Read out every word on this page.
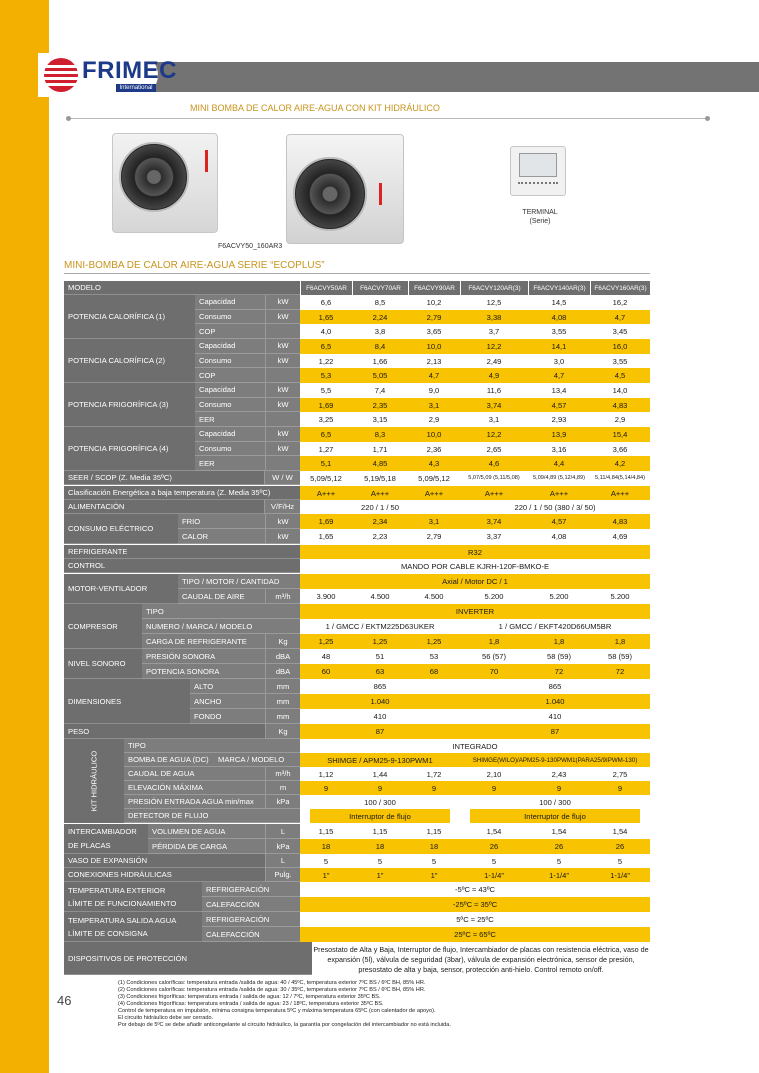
FRIMEC
International
MINI BOMBA DE CALOR AIRE-AGUA CON KIT HIDRÁULICO
TERMINAL
(Serie)
F6ACVY50_160AR3
MINI-BOMBA DE CALOR AIRE-AGUA SERIE “ECOPLUS”
MODELO	F6ACVY50AR	F6ACVY70AR	F6ACVY90AR	F6ACVY120AR(3)	F6ACVY140AR(3)	F6ACVY160AR(3)
POTENCIA CALORÍFICA (1)
Capacidad	kW	6,6	8,5	10,2	12,5	14,5	16,2
Consumo	kW	1,65	2,24	2,79	3,38	4,08	4,7
COP	4,0	3,8	3,65	3,7	3,55	3,45
POTENCIA CALORÍFICA (2)
Capacidad	kW	6,5	8,4	10,0	12,2	14,1	16,0
Consumo	kW	1,22	1,66	2,13	2,49	3,0	3,55
COP	5,3	5,05	4,7	4,9	4,7	4,5
POTENCIA FRIGORÍFICA (3)
Capacidad	kW	5,5	7,4	9,0	11,6	13,4	14,0
Consumo	kW	1,69	2,35	3,1	3,74	4,57	4,83
EER	3,25	3,15	2,9	3,1	2,93	2,9
POTENCIA FRIGORÍFICA (4)
Capacidad	kW	6,5	8,3	10,0	12,2	13,9	15,4
Consumo	kW	1,27	1,71	2,36	2,65	3,16	3,66
EER	5,1	4,85	4,3	4,6	4,4	4,2
SEER / SCOP (Z. Media 35ºC)	W / W	5,09/5,12	5,19/5,18	5,09/5,12	5,07/5,09 (5,11/5,08)	5,09/4,89 (5,12/4,89)	5,11/4,84(5,14/4,84)
Clasificación Energética a baja temperatura (Z. Media 35ºC)	A+++	A+++	A+++	A+++	A+++	A+++
ALIMENTACIÓN	V/F/Hz	220 / 1 / 50	220 / 1 / 50 (380 / 3/ 50)
CONSUMO ELÉCTRICO
FRIO	kW	1,69	2,34	3,1	3,74	4,57	4,83
CALOR	kW	1,65	2,23	2,79	3,37	4,08	4,69
REFRIGERANTE	R32
CONTROL	MANDO POR CABLE KJRH-120F-BMKO-E
MOTOR-VENTILADOR
TIPO / MOTOR / CANTIDAD	Axial / Motor DC / 1
CAUDAL DE AIRE	m³/h	3.900	4.500	4.500	5.200	5.200	5.200
COMPRESOR
TIPO	INVERTER
NUMERO / MARCA / MODELO	1 / GMCC / EKTM225D63UKER	1 / GMCC / EKFT420D66UM5BR
CARGA DE REFRIGERANTE	Kg	1,25	1,25	1,25	1,8	1,8	1,8
NIVEL SONORO
PRESIÓN SONORA	dBA	48	51	53	56 (57)	58 (59)	58 (59)
POTENCIA SONORA	dBA	60	63	68	70	72	72
DIMENSIONES
ALTO	mm	865	865
ANCHO	mm	1.040	1.040
FONDO	mm	410	410
PESO	Kg	87	87
TIPO	INTEGRADO
BOMBA DE AGUA (DC)	MARCA / MODELO	SHIMGE / APM25-9-130PWM1	SHIMGE(WILO)/APM25-9-130PWM1(PARA25/9IPWM-130)
CAUDAL DE AGUA	m³/h	1,12	1,44	1,72	2,10	2,43	2,75
ELEVACIÓN MÁXIMA	m	9	9	9	9	9	9
PRESIÓN ENTRADA AGUA min/max	kPa	100 / 300	100 / 300
DETECTOR DE FLUJO	Interruptor de flujo	Interruptor de flujo
INTERCAMBIADOR
DE PLACAS
VOLUMEN DE AGUA	L	1,15	1,15	1,15	1,54	1,54	1,54
PÉRDIDA DE CARGA	kPa	18	18	18	26	26	26
VASO DE EXPANSIÓN	L	5	5	5	5	5	5
CONEXIONES HIDRÁULICAS	Pulg.	1”	1”	1”	1-1/4”	1-1/4”	1-1/4”
TEMPERATURA EXTERIOR
LÍMITE DE FUNCIONAMIENTO
REFRIGERACIÓN	-5ºC ≈ 43ºC
CALEFACCIÓN	-25ºC ≈ 35ºC
TEMPERATURA SALIDA AGUA
LÍMITE DE CONSIGNA
REFRIGERACIÓN	5ºC ≈ 25ºC
CALEFACCIÓN	25ºC ≈ 65ºC
DISPOSITIVOS DE PROTECCIÓN
KIT HIDRÁULICO
Presostato de Alta y Baja, Interruptor de flujo, Intercambiador de placas con resistencia eléctrica, vaso de expansión (5l), válvula de seguridad (3bar), válvula de expansión electrónica, sensor de presión, presostato de alta y baja, sensor, protección anti-hielo. Control remoto on/off.
(1) Condiciones caloríficas: temperatura entrada /salida de agua: 40 / 45ºC, temperatura exterior 7ºC BS / 6ºC BH, 85% HR.
(2) Condiciones caloríficas: temperatura entrada /salida de agua: 30 / 35ºC, temperatura exterior 7ºC BS / 6ºC BH, 85% HR.
(3) Condiciones frigoríficas: temperatura entrada / salida de agua: 12 / 7ºC, temperatura exterior 35ºC BS.
(4) Condiciones frigoríficas: temperatura entrada / salida de agua: 23 / 18ºC, temperatura exterior 35ºC BS.
Control de temperatura en impulsión, mínima consigna temperatura 5ºC y máxima temperatura 65ºC (con calentador de apoyo).
El circuito hidráulico debe ser cerrado.
Por debajo de 5ºC se debe añadir anticongelante al circuito hidráulico, la garantía por congelación del intercambiador no está incluida.
46
